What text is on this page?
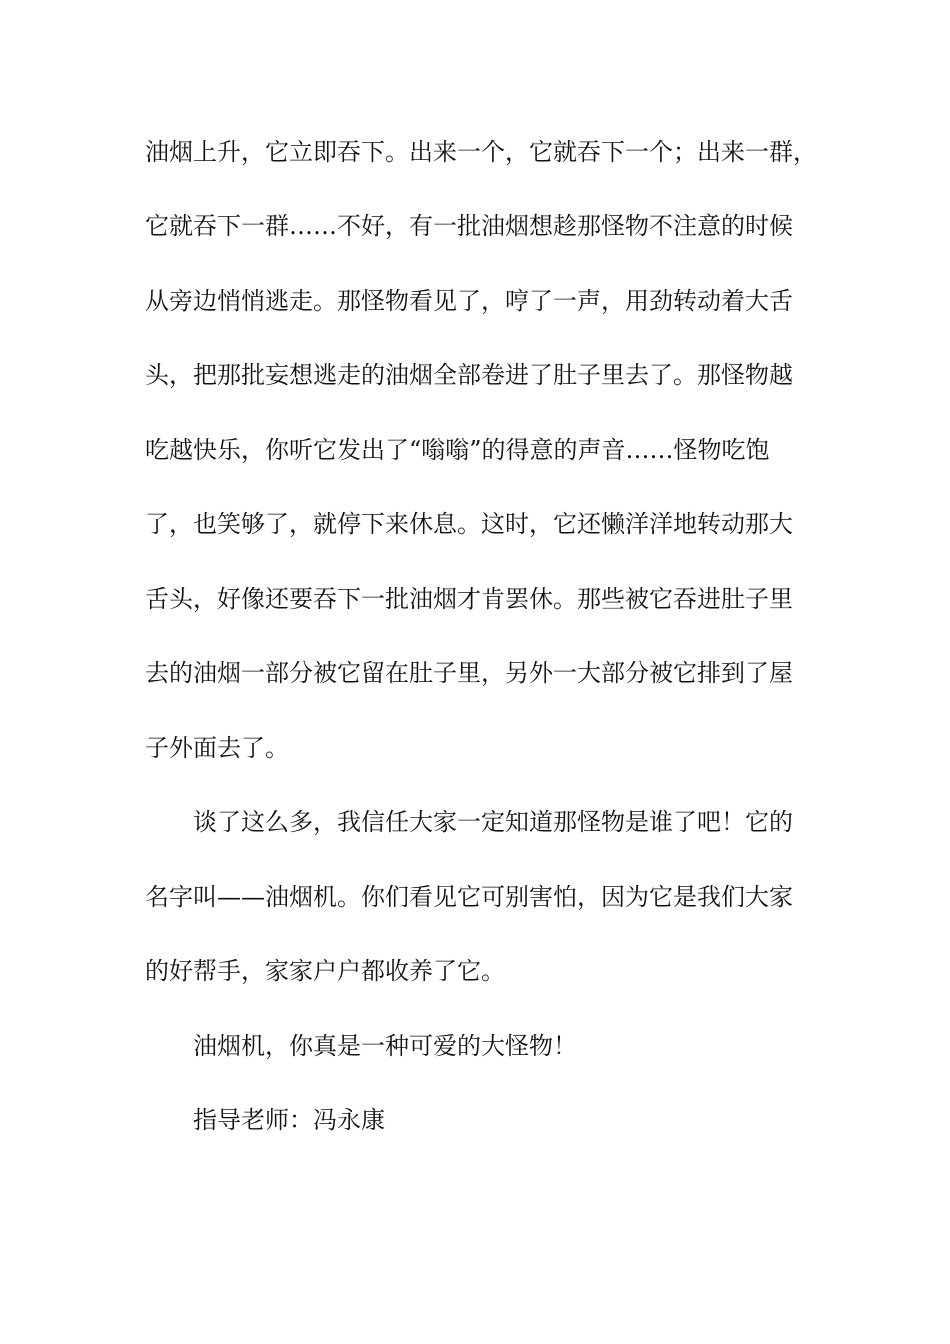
油烟上升，它立即吞下。出来一个，它就吞下一个；出来一群，
它就吞下一群……不好，有一批油烟想趁那怪物不注意的时候
从旁边悄悄逃走。那怪物看见了，哼了一声，用劲转动着大舌
头，把那批妄想逃走的油烟全部卷进了肚子里去了。那怪物越
吃越快乐，你听它发出了“嗡嗡”的得意的声音……怪物吃饱
了，也笑够了，就停下来休息。这时，它还懒洋洋地转动那大
舌头，好像还要吞下一批油烟才肯罢休。那些被它吞进肚子里
去的油烟一部分被它留在肚子里，另外一大部分被它排到了屋
子外面去了。
谈了这么多，我信任大家一定知道那怪物是谁了吧！它的
名字叫——油烟机。你们看见它可别害怕，因为它是我们大家
的好帮手，家家户户都收养了它。
油烟机，你真是一种可爱的大怪物！
指导老师：冯永康
